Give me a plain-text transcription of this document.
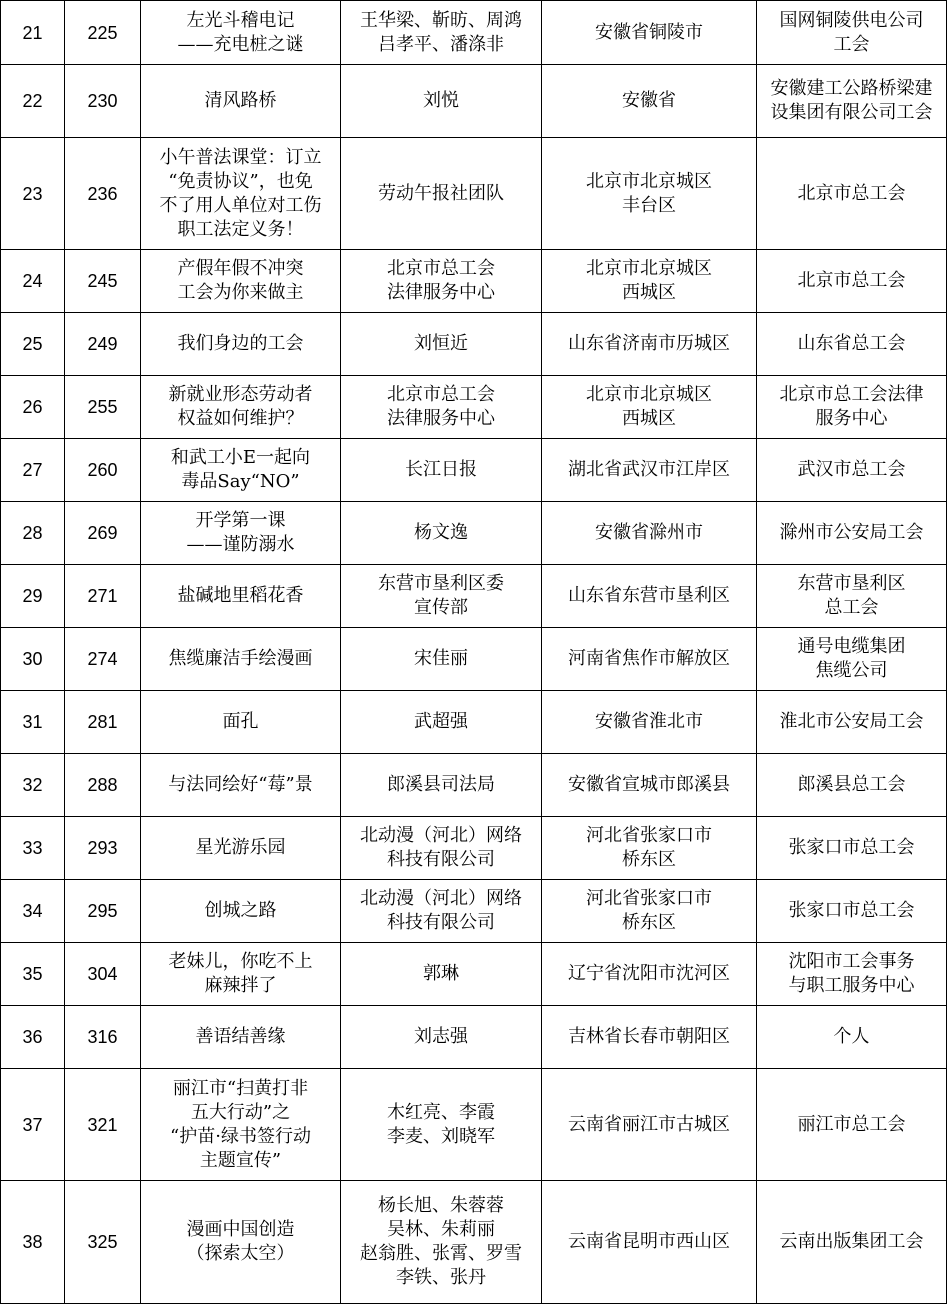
21	225	左光斗稽电记
——充电桩之谜	王华梁、靳昉、周鸿
吕孝平、潘涤非	安徽省铜陵市	国网铜陵供电公司
工会
22	230	清风路桥	刘悦	安徽省	安徽建工公路桥梁建
设集团有限公司工会
23	236	小午普法课堂：订立
“免责协议”，也免
不了用人单位对工伤
职工法定义务！	劳动午报社团队	北京市北京城区
丰台区	北京市总工会
24	245	产假年假不冲突
工会为你来做主	北京市总工会
法律服务中心	北京市北京城区
西城区	北京市总工会
25	249	我们身边的工会	刘恒近	山东省济南市历城区	山东省总工会
26	255	新就业形态劳动者
权益如何维护？	北京市总工会
法律服务中心	北京市北京城区
西城区	北京市总工会法律
服务中心
27	260	和武工小E一起向
毒品Say“NO”	长江日报	湖北省武汉市江岸区	武汉市总工会
28	269	开学第一课
——谨防溺水	杨文逸	安徽省滁州市	滁州市公安局工会
29	271	盐碱地里稻花香	东营市垦利区委
宣传部	山东省东营市垦利区	东营市垦利区
总工会
30	274	焦缆廉洁手绘漫画	宋佳丽	河南省焦作市解放区	通号电缆集团
焦缆公司
31	281	面孔	武超强	安徽省淮北市	淮北市公安局工会
32	288	与法同绘好“莓”景	郎溪县司法局	安徽省宣城市郎溪县	郎溪县总工会
33	293	星光游乐园	北动漫（河北）网络
科技有限公司	河北省张家口市
桥东区	张家口市总工会
34	295	创城之路	北动漫（河北）网络
科技有限公司	河北省张家口市
桥东区	张家口市总工会
35	304	老妹儿，你吃不上
麻辣拌了	郭琳	辽宁省沈阳市沈河区	沈阳市工会事务
与职工服务中心
36	316	善语结善缘	刘志强	吉林省长春市朝阳区	个人
37	321	丽江市“扫黄打非
五大行动”之
“护苗·绿书签行动
主题宣传”	木红亮、李霞
李麦、刘晓军	云南省丽江市古城区	丽江市总工会
38	325	漫画中国创造
（探索太空）	杨长旭、朱蓉蓉
吴林、朱莉丽
赵翁胜、张霄、罗雪
李铁、张丹	云南省昆明市西山区	云南出版集团工会
